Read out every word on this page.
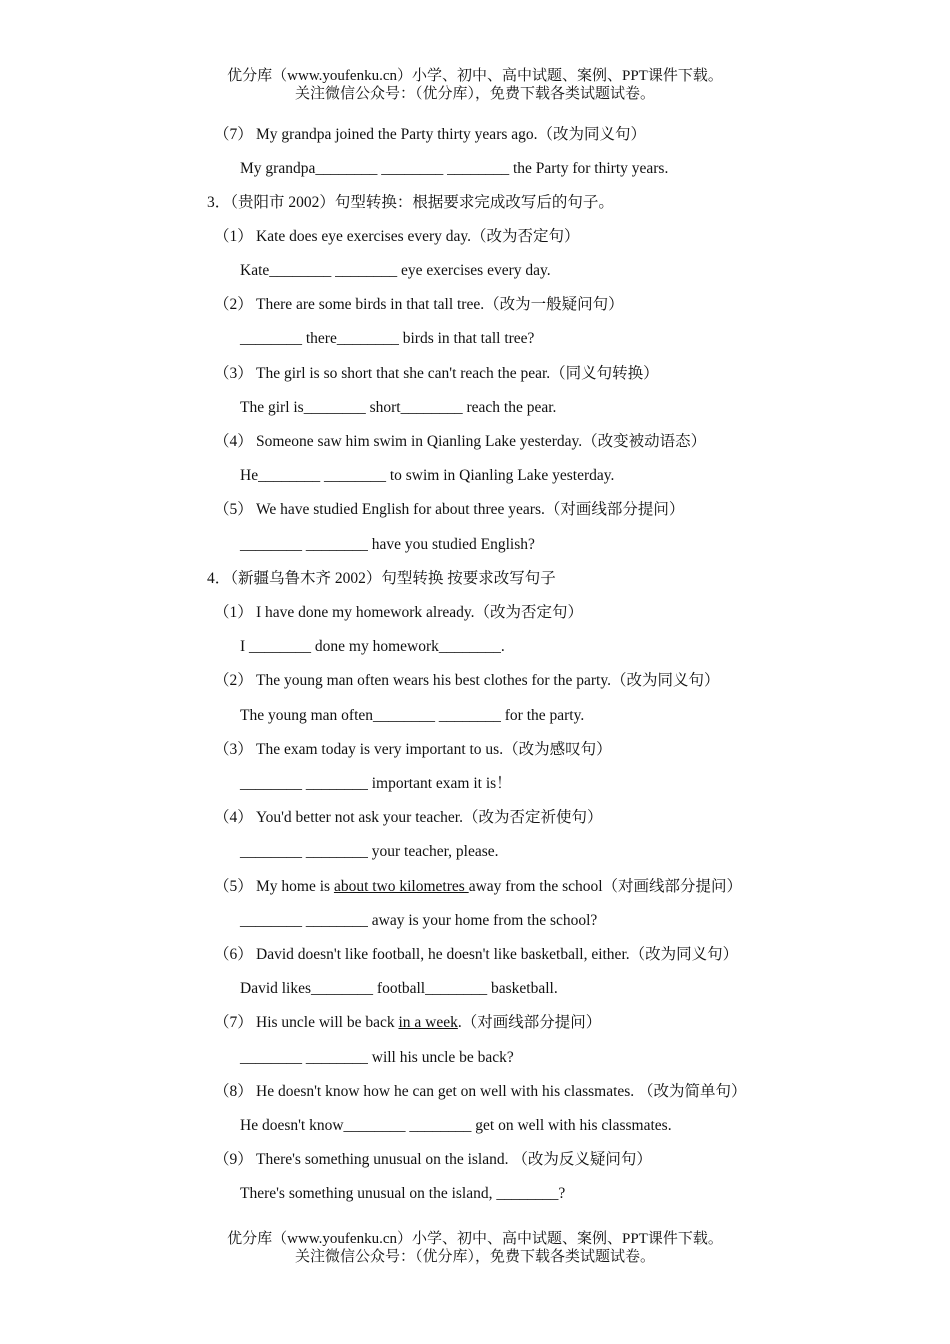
优分库（www.youfenku.cn）小学、初中、高中试题、案例、PPT课件下载。
关注微信公众号：（优分库），免费下载各类试题试卷。
（7） My grandpa joined the Party thirty years ago.（改为同义句）
My grandpa________ ________ ________ the Party for thirty years.
3．（贵阳市 2002）句型转换：根据要求完成改写后的句子。
（1） Kate does eye exercises every day.（改为否定句）
Kate________ ________ eye exercises every day.
（2） There are some birds in that tall tree.（改为一般疑问句）
________ there________ birds in that tall tree?
（3） The girl is so short that she can't reach the pear.（同义句转换）
The girl is________ short________ reach the pear.
（4） Someone saw him swim in Qianling Lake yesterday.（改变被动语态）
He________ ________ to swim in Qianling Lake yesterday.
（5） We have studied English for about three years.（对画线部分提问）
________ ________ have you studied English?
4．（新疆乌鲁木齐 2002）句型转换 按要求改写句子
（1） I have done my homework already.（改为否定句）
I ________ done my homework________.
（2） The young man often wears his best clothes for the party.（改为同义句）
The young man often________ ________ for the party.
（3） The exam today is very important to us.（改为感叹句）
________ ________ important exam it is！
（4） You'd better not ask your teacher.（改为否定祈使句）
________ ________ your teacher, please.
（5） My home is about two kilometres away from the school（对画线部分提问）
________ ________ away is your home from the school?
（6） David doesn't like football, he doesn't like basketball, either.（改为同义句）
David likes________ football________ basketball.
（7） His uncle will be back in a week.（对画线部分提问）
________ ________ will his uncle be back?
（8） He doesn't know how he can get on well with his classmates. （改为简单句）
He doesn't know________ ________ get on well with his classmates.
（9） There's something unusual on the island. （改为反义疑问句）
There's something unusual on the island, ________?
优分库（www.youfenku.cn）小学、初中、高中试题、案例、PPT课件下载。
关注微信公众号：（优分库），免费下载各类试题试卷。
